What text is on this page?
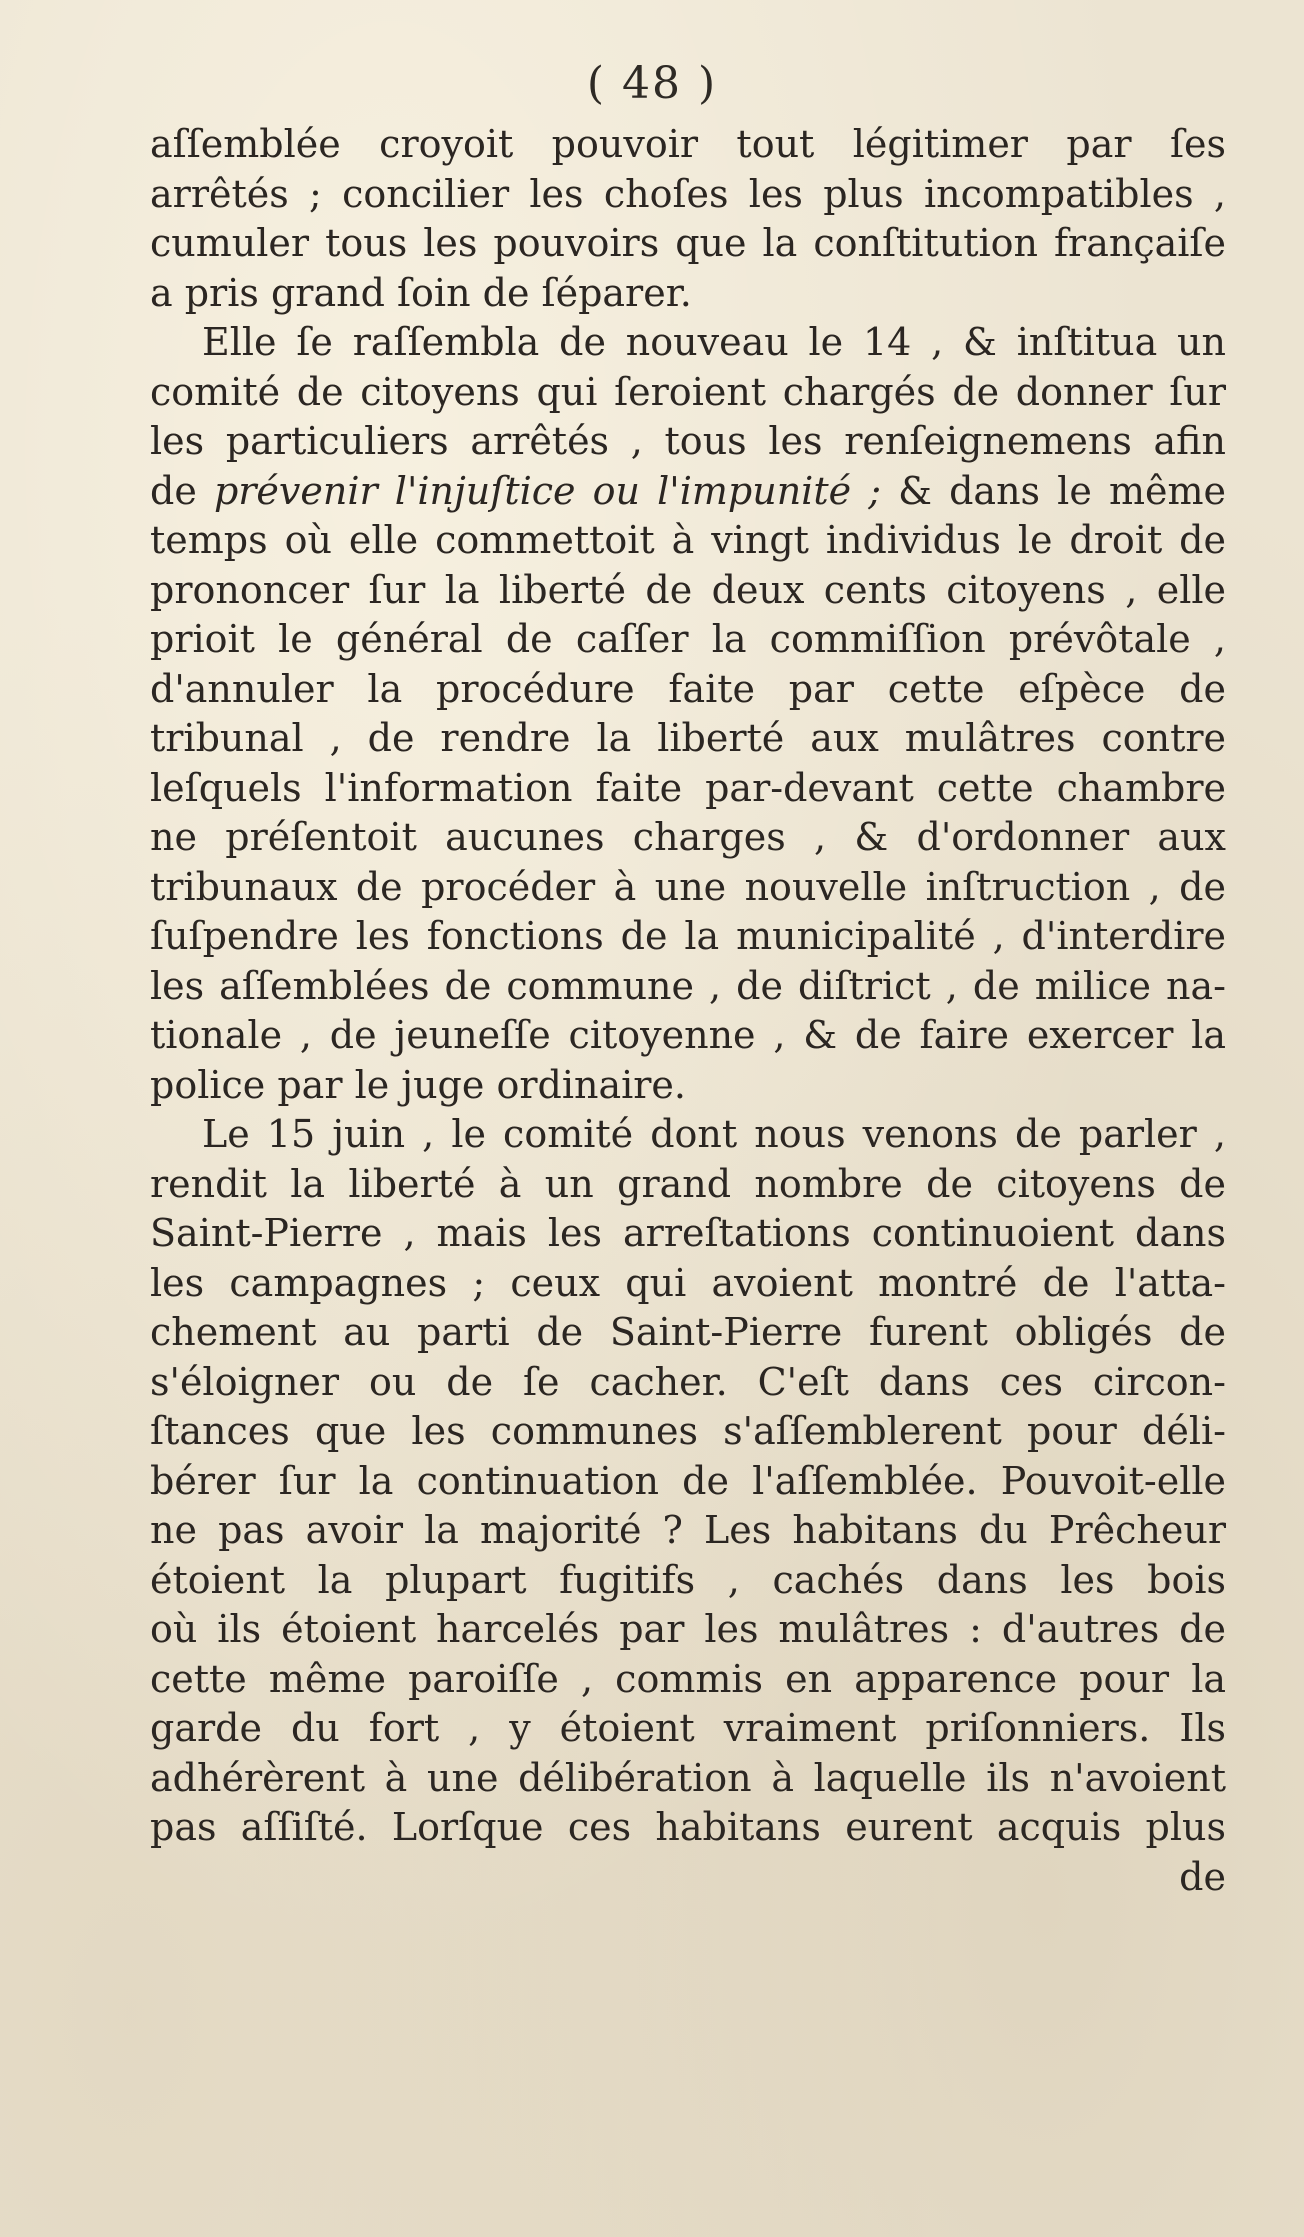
( 48 )
aſſemblée croyoit pouvoir tout légitimer par ſes
arrêtés ; concilier les choſes les plus incompatibles ,
cumuler tous les pouvoirs que la conſtitution françaiſe
a pris grand ſoin de ſéparer.
Elle ſe raſſembla de nouveau le 14 , & inſtitua un
comité de citoyens qui ſeroient chargés de donner ſur
les particuliers arrêtés , tous les renſeignemens afin
de prévenir l'injuſtice ou l'impunité ; & dans le même
temps où elle commettoit à vingt individus le droit de
prononcer ſur la liberté de deux cents citoyens , elle
prioit le général de caſſer la commiſſion prévôtale ,
d'annuler la procédure faite par cette eſpèce de
tribunal , de rendre la liberté aux mulâtres contre
leſquels l'information faite par-devant cette chambre
ne préſentoit aucunes charges , & d'ordonner aux
tribunaux de procéder à une nouvelle inſtruction , de
ſuſpendre les fonctions de la municipalité , d'interdire
les aſſemblées de commune , de diſtrict , de milice na-
tionale , de jeuneſſe citoyenne , & de faire exercer la
police par le juge ordinaire.
Le 15 juin , le comité dont nous venons de parler ,
rendit la liberté à un grand nombre de citoyens de
Saint-Pierre , mais les arreſtations continuoient dans
les campagnes ; ceux qui avoient montré de l'atta-
chement au parti de Saint-Pierre furent obligés de
s'éloigner ou de ſe cacher. C'eſt dans ces circon-
ſtances que les communes s'aſſemblerent pour déli-
bérer ſur la continuation de l'aſſemblée. Pouvoit-elle
ne pas avoir la majorité ? Les habitans du Prêcheur
étoient la plupart fugitifs , cachés dans les bois
où ils étoient harcelés par les mulâtres : d'autres de
cette même paroiſſe , commis en apparence pour la
garde du fort , y étoient vraiment priſonniers. Ils
adhérèrent à une délibération à laquelle ils n'avoient
pas aſſiſté. Lorſque ces habitans eurent acquis plus
de
